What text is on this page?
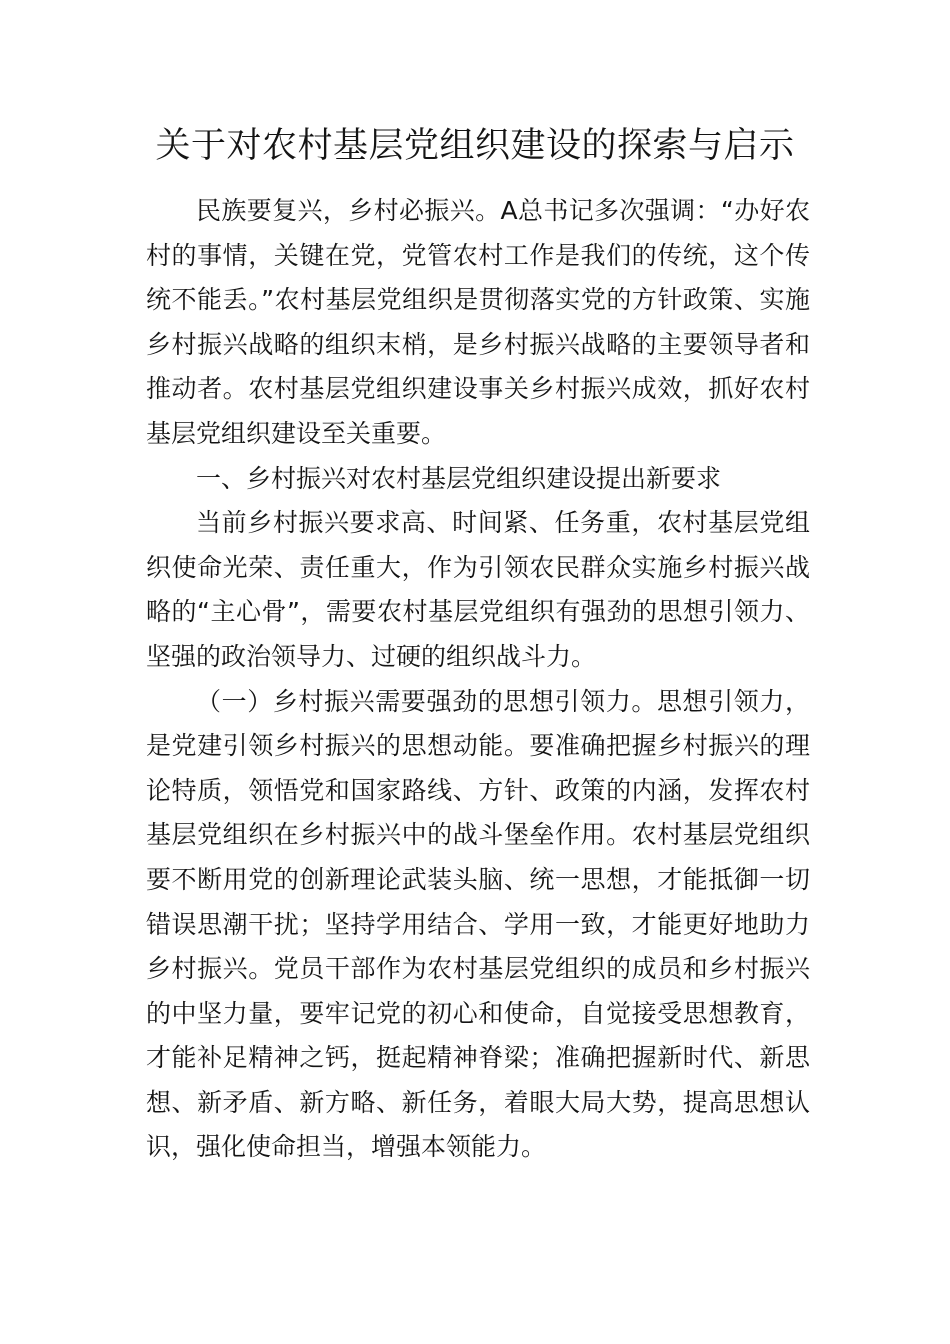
关于对农村基层党组织建设的探索与启示

民族要复兴，乡村必振兴。A总书记多次强调：“办好农村的事情，关键在党，党管农村工作是我们的传统，这个传统不能丢。”农村基层党组织是贯彻落实党的方针政策、实施乡村振兴战略的组织末梢，是乡村振兴战略的主要领导者和推动者。农村基层党组织建设事关乡村振兴成效，抓好农村基层党组织建设至关重要。

一、乡村振兴对农村基层党组织建设提出新要求

当前乡村振兴要求高、时间紧、任务重，农村基层党组织使命光荣、责任重大，作为引领农民群众实施乡村振兴战略的“主心骨”，需要农村基层党组织有强劲的思想引领力、坚强的政治领导力、过硬的组织战斗力。

（一）乡村振兴需要强劲的思想引领力。思想引领力，是党建引领乡村振兴的思想动能。要准确把握乡村振兴的理论特质，领悟党和国家路线、方针、政策的内涵，发挥农村基层党组织在乡村振兴中的战斗堡垒作用。农村基层党组织要不断用党的创新理论武装头脑、统一思想，才能抵御一切错误思潮干扰；坚持学用结合、学用一致，才能更好地助力乡村振兴。党员干部作为农村基层党组织的成员和乡村振兴的中坚力量，要牢记党的初心和使命，自觉接受思想教育，才能补足精神之钙，挺起精神脊梁；准确把握新时代、新思想、新矛盾、新方略、新任务，着眼大局大势，提高思想认识，强化使命担当，增强本领能力。
